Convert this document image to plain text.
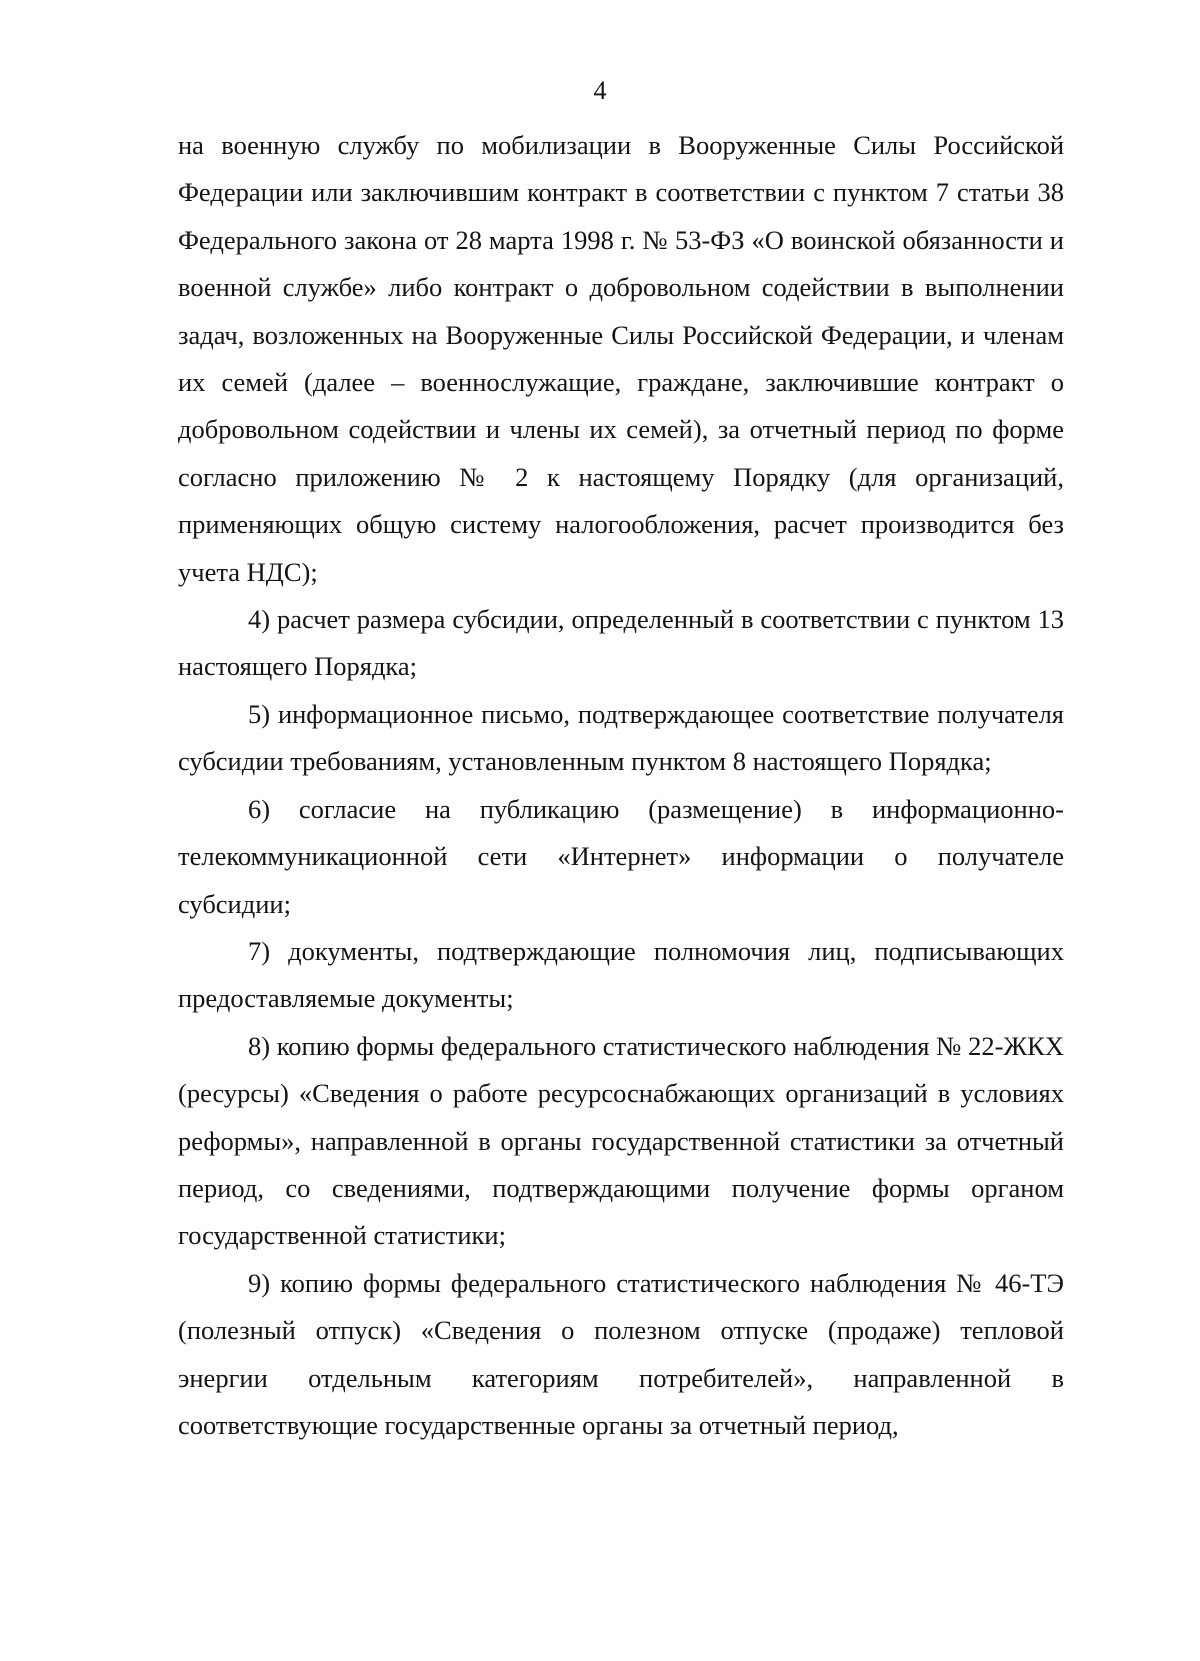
4

на военную службу по мобилизации в Вооруженные Силы Российской Федерации или заключившим контракт в соответствии с пунктом 7 статьи 38 Федерального закона от 28 марта 1998 г. № 53-ФЗ «О воинской обязанности и военной службе» либо контракт о добровольном содействии в выполнении задач, возложенных на Вооруженные Силы Российской Федерации, и членам их семей (далее – военнослужащие, граждане, заключившие контракт о добровольном содействии и члены их семей), за отчетный период по форме согласно приложению № 2 к настоящему Порядку (для организаций, применяющих общую систему налогообложения, расчет производится без учета НДС);

4) расчет размера субсидии, определенный в соответствии с пунктом 13 настоящего Порядка;

5) информационное письмо, подтверждающее соответствие получателя субсидии требованиям, установленным пунктом 8 настоящего Порядка;

6) согласие на публикацию (размещение) в информационно-телекоммуникационной сети «Интернет» информации о получателе субсидии;

7) документы, подтверждающие полномочия лиц, подписывающих предоставляемые документы;

8) копию формы федерального статистического наблюдения № 22-ЖКХ (ресурсы) «Сведения о работе ресурсоснабжающих организаций в условиях реформы», направленной в органы государственной статистики за отчетный период, со сведениями, подтверждающими получение формы органом государственной статистики;

9) копию формы федерального статистического наблюдения № 46-ТЭ (полезный отпуск) «Сведения о полезном отпуске (продаже) тепловой энергии отдельным категориям потребителей», направленной в соответствующие государственные органы за отчетный период,
